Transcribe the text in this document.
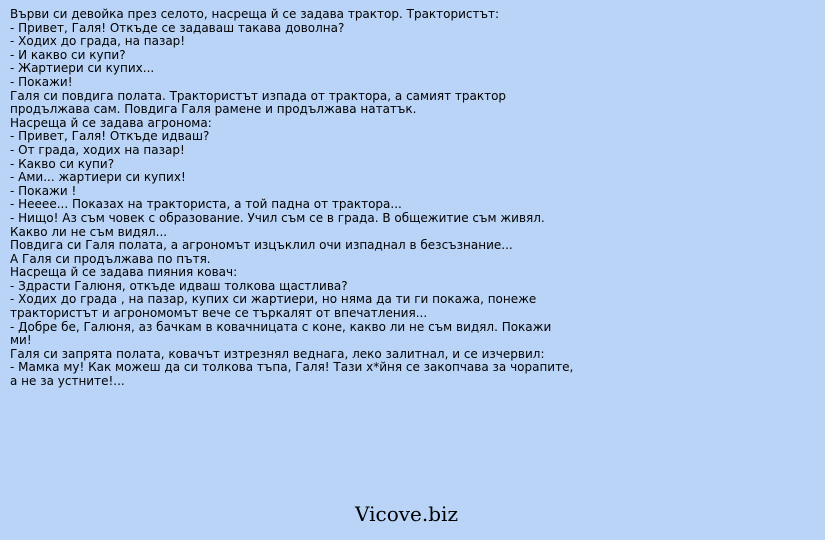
Върви си девойка през селото, насреща й се задава трактор. Трактористът:
- Привет, Галя! Откъде се задаваш такава доволна?
- Ходих до града, на пазар!
- И какво си купи?
- Жартиери си купих...
- Покажи!
Галя си повдига полата. Трактористът изпада от трактора, а самият трактор
продължава сам. Повдига Галя рамене и продължава нататък.
Насреща й се задава агронома:
- Привет, Галя! Откъде идваш?
- От града, ходих на пазар!
- Какво си купи?
- Ами... жартиери си купих!
- Покажи !
- Нееее... Показах на тракториста, а той падна от трактора...
- Нищо! Аз съм човек с образование. Учил съм се в града. В общежитие съм живял.
Какво ли не съм видял...
Повдига си Галя полата, а агрономът изцъклил очи изпаднал в безсъзнание...
А Галя си продължава по пътя.
Насреща й се задава пияния ковач:
- Здрасти Галюня, откъде идваш толкова щастлива?
- Ходих до града , на пазар, купих си жартиери, но няма да ти ги покажа, понеже
трактористът и агрономомът вече се търкалят от впечатления...
- Добре бе, Галюня, аз бачкам в ковачницата с коне, какво ли не съм видял. Покажи
ми!
Галя си запрята полата, ковачът изтрезнял веднага, леко залитнал, и се изчервил:
- Мамка му! Как можеш да си толкова тъпа, Галя! Тази х*йня се закопчава за чорапите,
а не за устните!...
Vicove.biz
